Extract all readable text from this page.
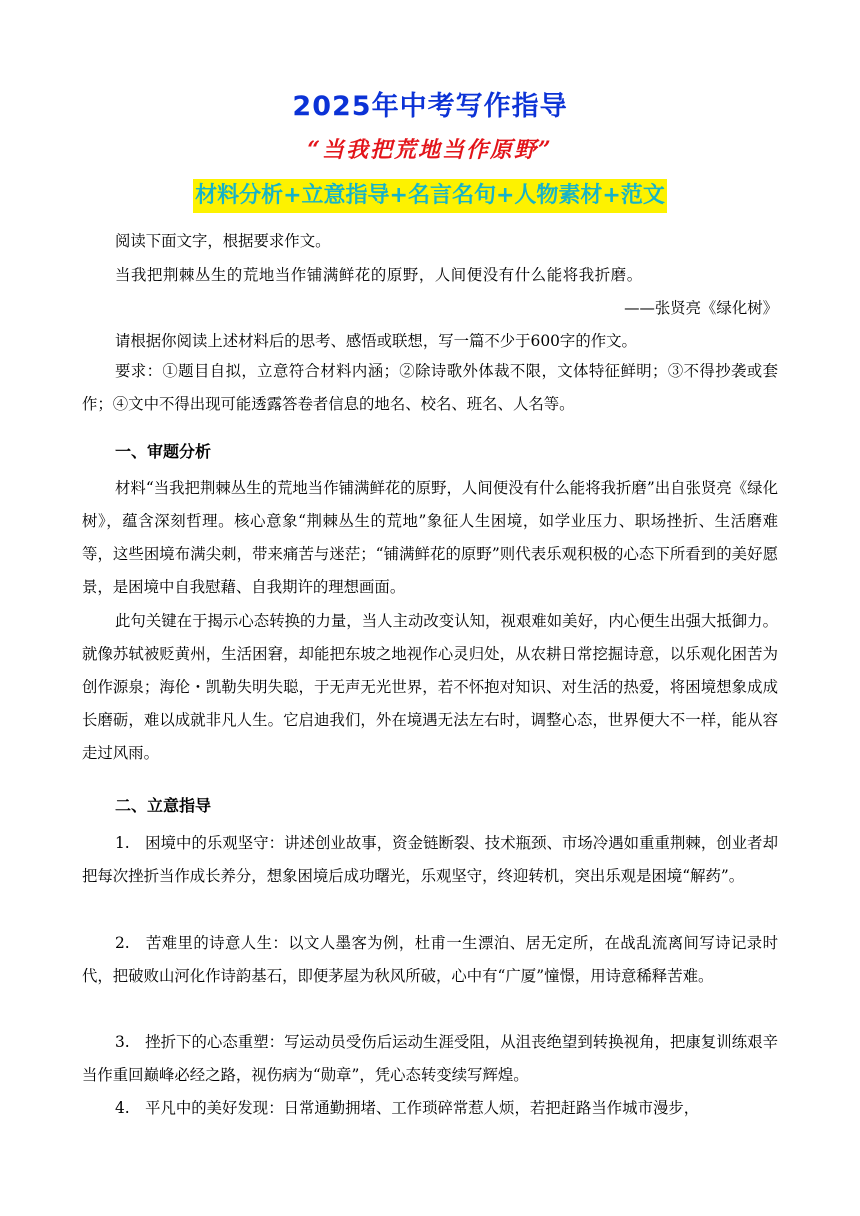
2025年中考写作指导
“当我把荒地当作原野”
材料分析+立意指导+名言名句+人物素材+范文
阅读下面文字，根据要求作文。
当我把荆棘丛生的荒地当作铺满鲜花的原野，人间便没有什么能将我折磨。
——张贤亮《绿化树》
请根据你阅读上述材料后的思考、感悟或联想，写一篇不少于600字的作文。

要求：①题目自拟，立意符合材料内涵；②除诗歌外体裁不限，文体特征鲜明；③不得抄袭或套作；④文中不得出现可能透露答卷者信息的地名、校名、班名、人名等。

一、审题分析

材料“当我把荆棘丛生的荒地当作铺满鲜花的原野，人间便没有什么能将我折磨”出自张贤亮《绿化树》，蕴含深刻哲理。核心意象“荆棘丛生的荒地”象征人生困境，如学业压力、职场挫折、生活磨难等，这些困境布满尖刺，带来痛苦与迷茫；“铺满鲜花的原野”则代表乐观积极的心态下所看到的美好愿景，是困境中自我慰藉、自我期许的理想画面。

此句关键在于揭示心态转换的力量，当人主动改变认知，视艰难如美好，内心便生出强大抵御力。就像苏轼被贬黄州，生活困窘，却能把东坡之地视作心灵归处，从农耕日常挖掘诗意，以乐观化困苦为创作源泉；海伦・凯勒失明失聪，于无声无光世界，若不怀抱对知识、对生活的热爱，将困境想象成成长磨砺，难以成就非凡人生。它启迪我们，外在境遇无法左右时，调整心态，世界便大不一样，能从容走过风雨。

二、立意指导

1.　困境中的乐观坚守：讲述创业故事，资金链断裂、技术瓶颈、市场冷遇如重重荆棘，创业者却把每次挫折当作成长养分，想象困境后成功曙光，乐观坚守，终迎转机，突出乐观是困境“解药”。

2.　苦难里的诗意人生：以文人墨客为例，杜甫一生漂泊、居无定所，在战乱流离间写诗记录时代，把破败山河化作诗韵基石，即便茅屋为秋风所破，心中有“广厦”憧憬，用诗意稀释苦难。

3.　挫折下的心态重塑：写运动员受伤后运动生涯受阻，从沮丧绝望到转换视角，把康复训练艰辛当作重回巅峰必经之路，视伤病为“勋章”，凭心态转变续写辉煌。

4.　平凡中的美好发现：日常通勤拥堵、工作琐碎常惹人烦，若把赶路当作城市漫步，
